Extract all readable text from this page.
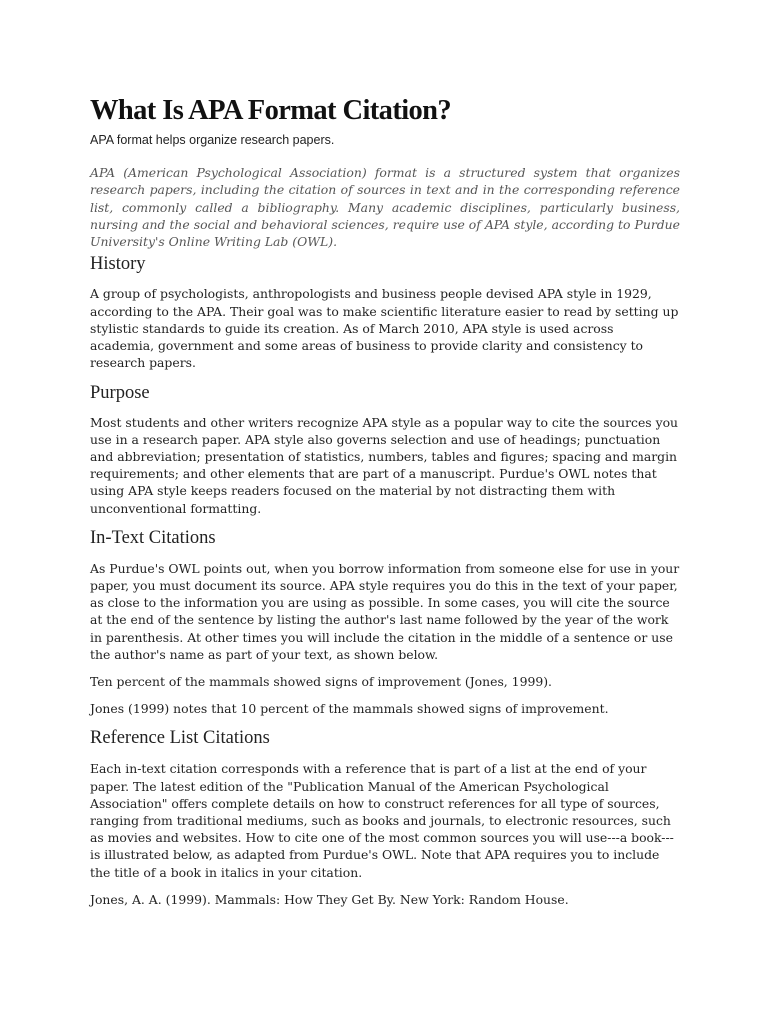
What Is APA Format Citation?

APA format helps organize research papers.

APA (American Psychological Association) format is a structured system that organizes research papers, including the citation of sources in text and in the corresponding reference list, commonly called a bibliography. Many academic disciplines, particularly business, nursing and the social and behavioral sciences, require use of APA style, according to Purdue University's Online Writing Lab (OWL).

History

A group of psychologists, anthropologists and business people devised APA style in 1929, according to the APA. Their goal was to make scientific literature easier to read by setting up stylistic standards to guide its creation. As of March 2010, APA style is used across academia, government and some areas of business to provide clarity and consistency to research papers.

Purpose

Most students and other writers recognize APA style as a popular way to cite the sources you use in a research paper. APA style also governs selection and use of headings; punctuation and abbreviation; presentation of statistics, numbers, tables and figures; spacing and margin requirements; and other elements that are part of a manuscript. Purdue's OWL notes that using APA style keeps readers focused on the material by not distracting them with unconventional formatting.

In-Text Citations

As Purdue's OWL points out, when you borrow information from someone else for use in your paper, you must document its source. APA style requires you do this in the text of your paper, as close to the information you are using as possible. In some cases, you will cite the source at the end of the sentence by listing the author's last name followed by the year of the work in parenthesis. At other times you will include the citation in the middle of a sentence or use the author's name as part of your text, as shown below.

Ten percent of the mammals showed signs of improvement (Jones, 1999).

Jones (1999) notes that 10 percent of the mammals showed signs of improvement.

Reference List Citations

Each in-text citation corresponds with a reference that is part of a list at the end of your paper. The latest edition of the "Publication Manual of the American Psychological Association" offers complete details on how to construct references for all type of sources, ranging from traditional mediums, such as books and journals, to electronic resources, such as movies and websites. How to cite one of the most common sources you will use---a book---is illustrated below, as adapted from Purdue's OWL. Note that APA requires you to include the title of a book in italics in your citation.

Jones, A. A. (1999). Mammals: How They Get By. New York: Random House.
